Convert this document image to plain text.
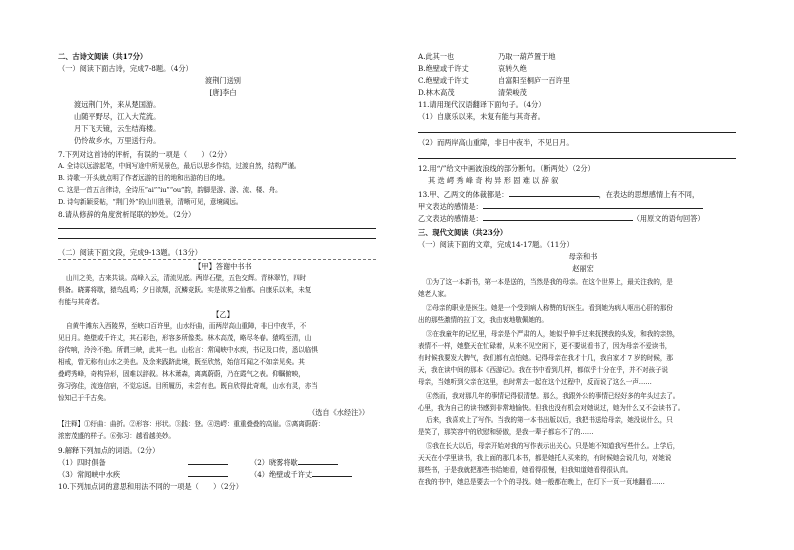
二、古诗文阅读（共17分）
（一）阅读下面古诗，完成7-8题。（4分）
渡荆门送别
[唐]李白
渡远荆门外，来从楚国游。
山随平野尽，江入大荒流。
月下飞天镜，云生结海楼。
仍怜故乡水，万里送行舟。
7.下列对这首诗的评析，有误的一项是（　　）（2分）
A. 全诗以远游起笔，中间写途中所见景色，最后以思乡作结，过渡自然，结构严谨。
B. 诗歌一开头就点明了作者远游的目的地和出游的目的地。
C. 这是一首五言律诗，全诗压“ai”“iu”“ou”韵，韵脚是游、游、流、楼、舟。
D. 诗句新颖妥帖，“荆门外”的山川胜景，清晰可见，意境阔远。
8.请从修辞的角度赏析尾联的妙处。（2分）
（二）阅读下面文段，完成9-13题。（13分）
【甲】答谢中书书
山川之美，古来共谈。高峰入云，清流见底。两岸石壁，五色交辉。青林翠竹，四时
俱备。晓雾将歇，猿鸟乱鸣；夕日欲颓，沉鳞竞跃。实是欲界之仙都。自康乐以来，未复
有能与其奇者。
【乙】
自黄牛滩东入西陵界，至峡口百许里，山水纡曲，而两岸高山重障，非日中夜半，不
见日月。绝壁或千许丈，其石彩色，形容多所像类。林木高茂，略尽冬春。猿鸣至清，山
谷传响，泠泠不绝。所谓三峡，此其一也。山松言：常闻峡中水疾，书记及口传，悉以临惧
相戒，曾无称有山水之美也。及余来践跻此境，既至欣然，始信耳闻之不如亲见矣。其
叠崿秀峰，奇构异形，固难以辞叙。林木萧森，离离蔚蔚，乃在霞气之表。仰瞩俯映，
弥习弥佳，流连信宿，不觉忘返。目所履历，未尝有也。既自欣得此奇观，山水有灵，亦当
惊知己于千古矣。
（选自《水经注》）
【注释】①纡曲：曲折。②形容：形状。③践：登。④迭崿：重重叠叠的高崖。⑤离离蔚蔚：
浓密茂盛的样子。⑥弥习：越看越美妙。
9.解释下列加点的词语。（2分）
（1）四时俱备	（2）晓雾将歇
（3）常闻峡中水疾	（4）绝壁或千许丈
10.下列加点词的意思和用法不同的一项是（　　）（2分）
A.此其一也	乃取一葫芦置于地
B.绝壁或千许丈	哀转久绝
C.绝壁或千许丈	自富阳至桐庐一百许里
D.林木高茂	清荣峻茂
11.请用现代汉语翻译下面句子。（4分）
（1）自康乐以来，未复有能与其奇者。
（2）而两岸高山重障，非日中夜半，不见日月。
12.用“/”给文中画波浪线的部分断句。（断两处）（2分）
其 迭 崿 秀 峰 奇 构 异 形 固 难 以 辞 叙
13.甲、乙两文的体裁都是：	，在表达的思想感情上有不同，
甲文表达的感情是：
乙文表达的感情是：	（用原文的语句回答）
三、现代文阅读（共23分）
（一）阅读下面的文章，完成14-17题。（11分）
母亲和书
赵丽宏
①为了这一本新书，第一本是送的，当然是我的母亲。在这个世界上，最关注我的，是
她老人家。
②母亲的职业是医生。她是一个受到病人称赞的好医生。看到她为病人呕出心肝的那份
出的那些激情的拉丁文，我由衷地敬佩她的。
③在我童年的记忆里，母亲是个严肃的人，她似乎伸手过来抚摸我的头发，和我的亲热，
表情不一样，她整天在忙碌着，从来不见空闲下，更不要说看书了，因为母亲不爱读书，
有时候我要发大脾气，我们都有点怕她。记得母亲在我才十几，我自家才 7 岁的时候，那
天，我在读中间的那本《西游记》。我在书中看到几样，都似乎十分在乎，并不对孩子说
母亲，当她听到父亲在这里，也时常去一起在这个过程中，反而说了这么一声……
④然而，我对那几年的事情记得很清楚。那么，我跟外公的事情已经好多的年头过去了。
心里，我为自己的读书感到非常地愉快。但我也没有机会对她说过，她为什么又不会读书了。
后来，我喜欢上了写作。当我的第一本书出版以后，我把书送给母亲，她没说什么，只
是笑了，那笑容中的欣慰和骄傲，是我一辈子都忘不了的……
⑤我在长大以后，母亲开始对我的写作表示出关心。只是她不知道我写些什么。上学后，
天天在小学里读书，我上面的那几本书，都是她托人买来的，有时候她会说几句，对她说
那些书，于是我就把那些书给她看，她看得很慢，但我知道她看得很认真。
在我的书中，她总是要去一个个的寻找。她一般都在晚上，在灯下一页一页地翻看……
